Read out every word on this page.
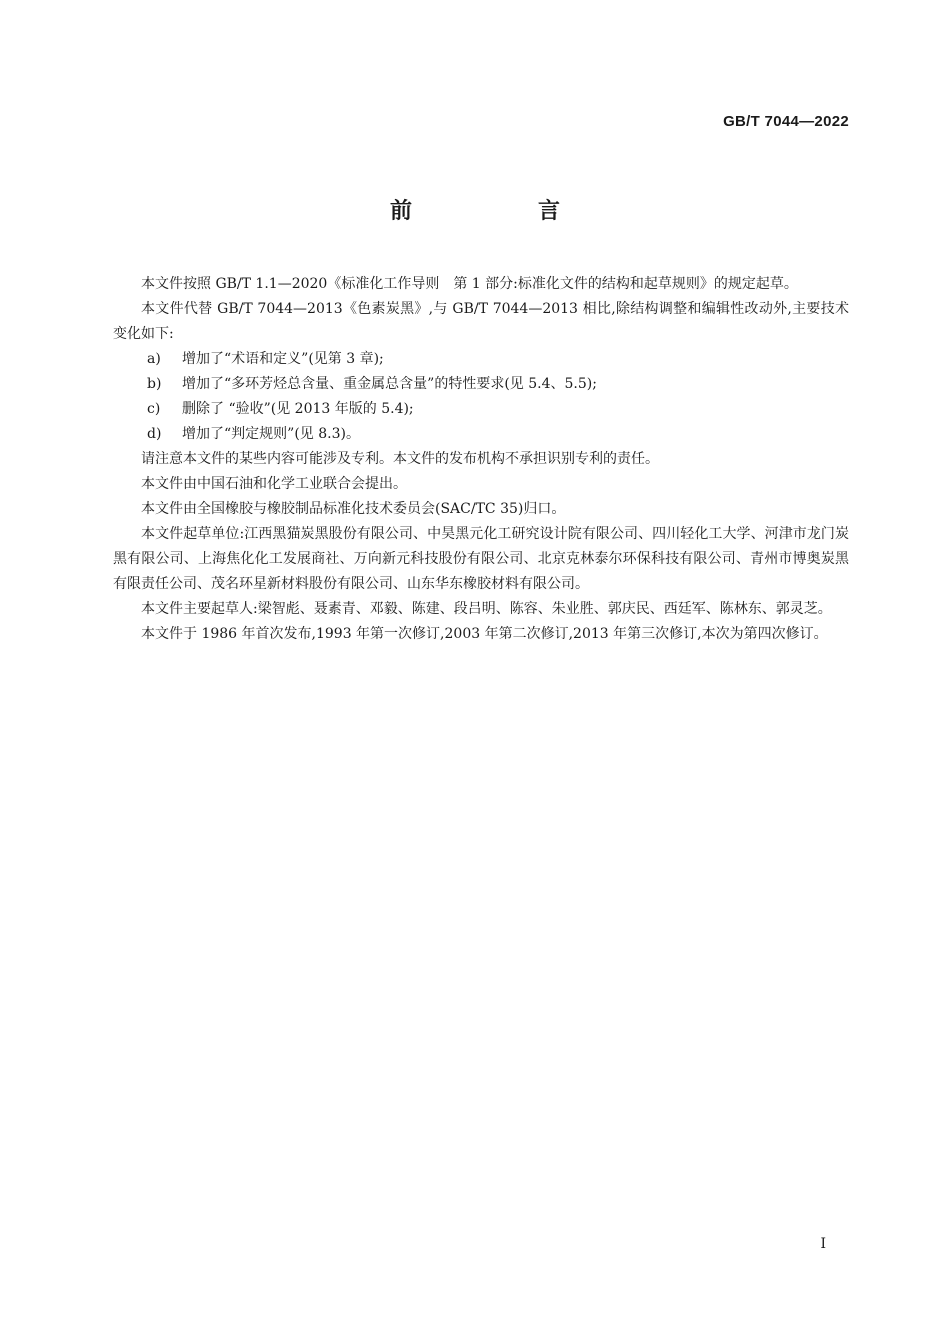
GB/T 7044—2022
前　言

本文件按照 GB/T 1.1—2020《标准化工作导则　第 1 部分:标准化文件的结构和起草规则》的规定起草。

本文件代替 GB/T 7044—2013《色素炭黑》,与 GB/T 7044—2013 相比,除结构调整和编辑性改动外,主要技术变化如下:

a)	增加了“术语和定义”(见第 3 章);
b)	增加了“多环芳烃总含量、重金属总含量”的特性要求(见 5.4、5.5);
c)	删除了 “验收”(见 2013 年版的 5.4);
d)	增加了“判定规则”(见 8.3)。

请注意本文件的某些内容可能涉及专利。本文件的发布机构不承担识别专利的责任。

本文件由中国石油和化学工业联合会提出。

本文件由全国橡胶与橡胶制品标准化技术委员会(SAC/TC 35)归口。

本文件起草单位:江西黑猫炭黑股份有限公司、中昊黑元化工研究设计院有限公司、四川轻化工大学、河津市龙门炭黑有限公司、上海焦化化工发展商社、万向新元科技股份有限公司、北京克林泰尔环保科技有限公司、青州市博奥炭黑有限责任公司、茂名环星新材料股份有限公司、山东华东橡胶材料有限公司。

本文件主要起草人:梁智彪、聂素青、邓毅、陈建、段吕明、陈容、朱业胜、郭庆民、西廷军、陈林东、郭灵芝。

本文件于 1986 年首次发布,1993 年第一次修订,2003 年第二次修订,2013 年第三次修订,本次为第四次修订。

I
